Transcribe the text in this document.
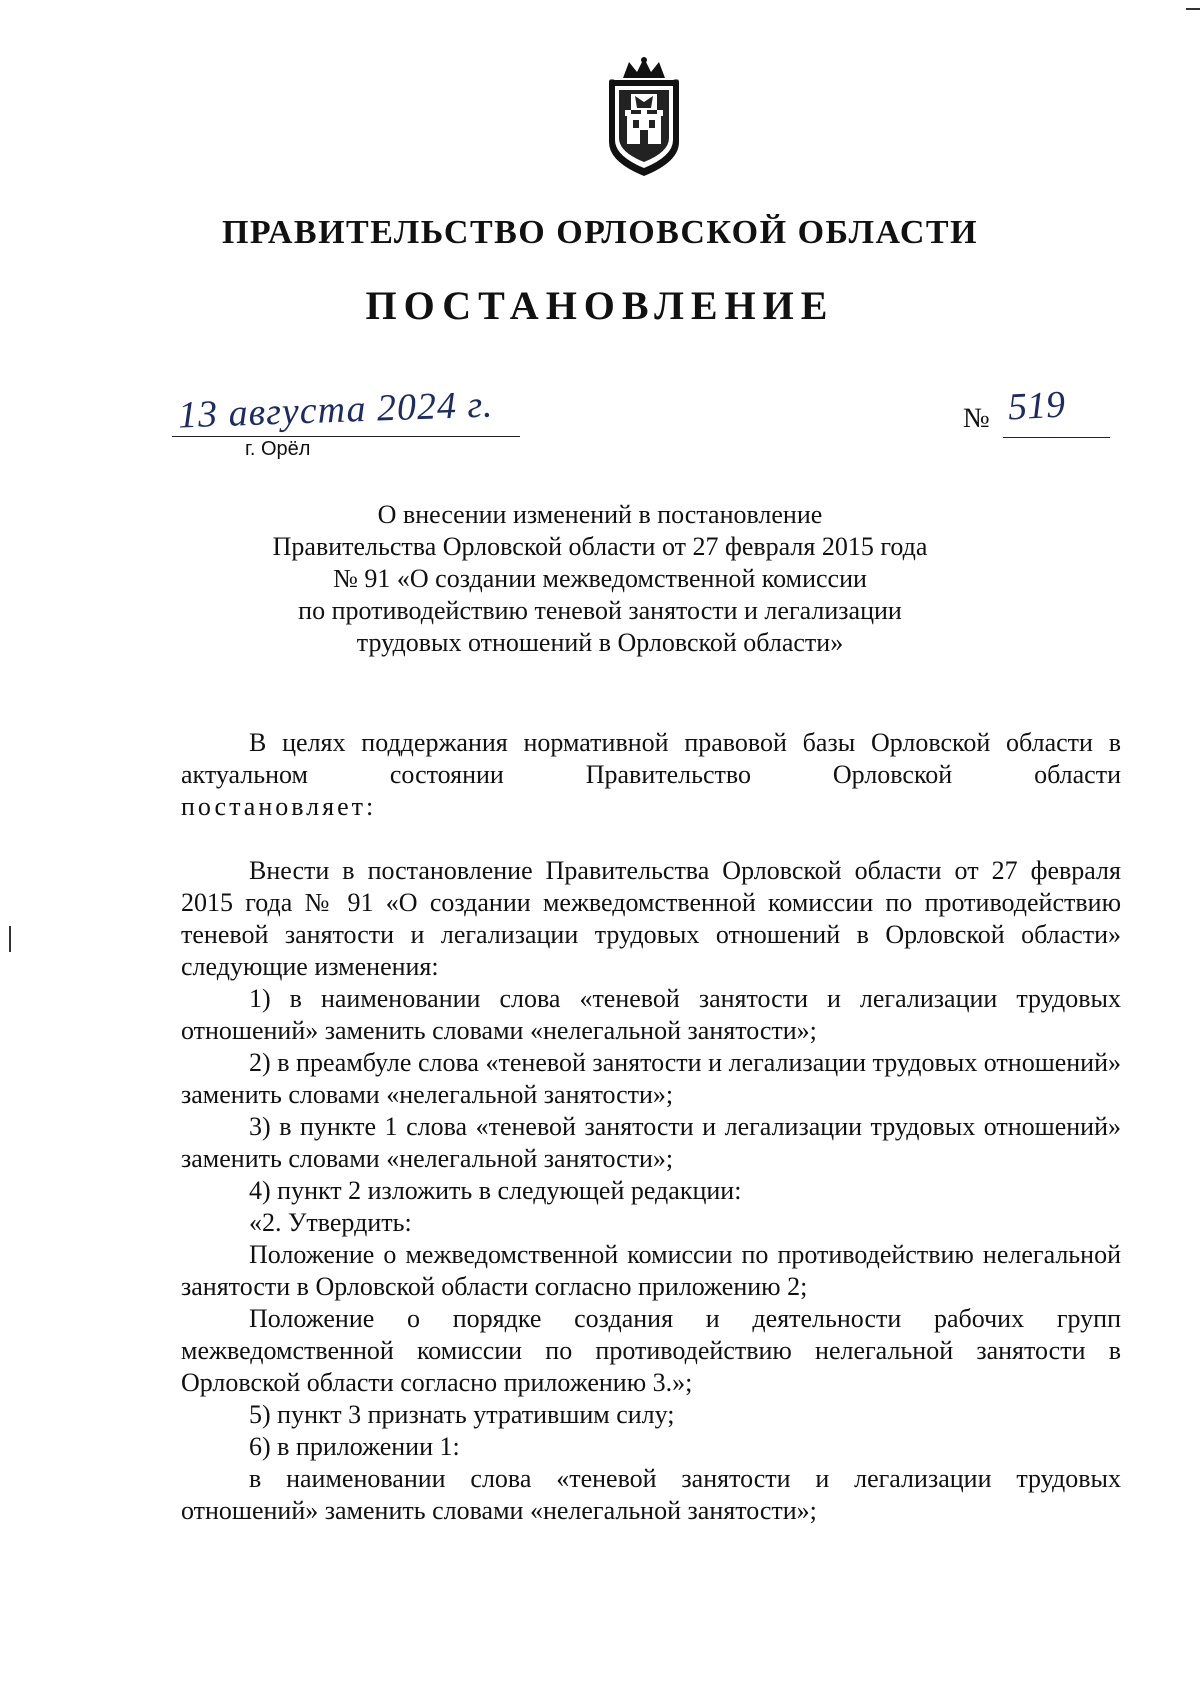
ПРАВИТЕЛЬСТВО ОРЛОВСКОЙ ОБЛАСТИ
ПОСТАНОВЛЕНИЕ
13 августа 2024 г.
г. Орёл
№ 519
О внесении изменений в постановление
Правительства Орловской области от 27 февраля 2015 года
№ 91 «О создании межведомственной комиссии
по противодействию теневой занятости и легализации
трудовых отношений в Орловской области»

В целях поддержания нормативной правовой базы Орловской области в актуальном состоянии Правительство Орловской области

постановляет:

Внести в постановление Правительства Орловской области от 27 февраля 2015 года № 91 «О создании межведомственной комиссии по противодействию теневой занятости и легализации трудовых отношений в Орловской области» следующие изменения:

1) в наименовании слова «теневой занятости и легализации трудовых отношений» заменить словами «нелегальной занятости»;

2) в преамбуле слова «теневой занятости и легализации трудовых отношений» заменить словами «нелегальной занятости»;

3) в пункте 1 слова «теневой занятости и легализации трудовых отношений» заменить словами «нелегальной занятости»;

4) пункт 2 изложить в следующей редакции:

«2. Утвердить:

Положение о межведомственной комиссии по противодействию нелегальной занятости в Орловской области согласно приложению 2;

Положение о порядке создания и деятельности рабочих групп межведомственной комиссии по противодействию нелегальной занятости в Орловской области согласно приложению 3.»;

5) пункт 3 признать утратившим силу;

6) в приложении 1:

в наименовании слова «теневой занятости и легализации трудовых отношений» заменить словами «нелегальной занятости»;
